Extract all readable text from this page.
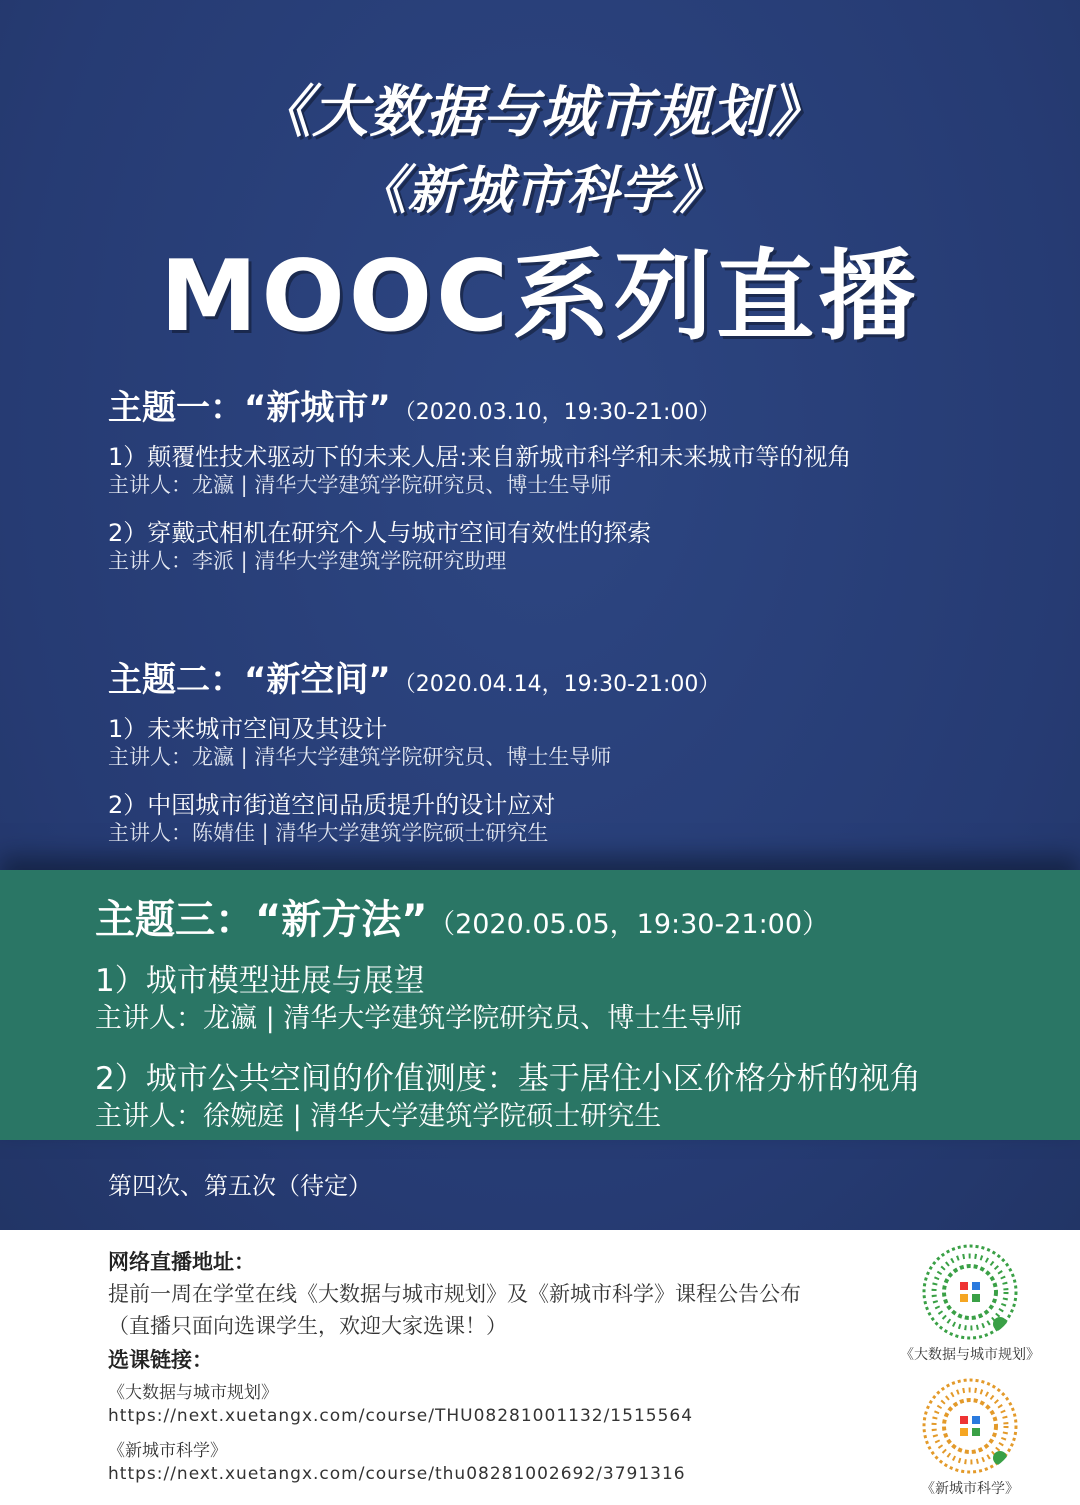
《大数据与城市规划》
《新城市科学》
MOOC系列直播
主题一：“新城市” （2020.03.10，19:30-21:00）
1）颠覆性技术驱动下的未来人居:来自新城市科学和未来城市等的视角
主讲人：龙瀛 | 清华大学建筑学院研究员、博士生导师
2）穿戴式相机在研究个人与城市空间有效性的探索
主讲人：李派 | 清华大学建筑学院研究助理
主题二：“新空间” （2020.04.14，19:30-21:00）
1）未来城市空间及其设计
主讲人：龙瀛 | 清华大学建筑学院研究员、博士生导师
2）中国城市街道空间品质提升的设计应对
主讲人：陈婧佳 | 清华大学建筑学院硕士研究生
主题三：“新方法” （2020.05.05，19:30-21:00）
1）城市模型进展与展望
主讲人：龙瀛 | 清华大学建筑学院研究员、博士生导师
2）城市公共空间的价值测度：基于居住小区价格分析的视角
主讲人：徐婉庭 | 清华大学建筑学院硕士研究生
第四次、第五次（待定）
网络直播地址：
提前一周在学堂在线《大数据与城市规划》及《新城市科学》课程公告公布
（直播只面向选课学生，欢迎大家选课！）
选课链接：
《大数据与城市规划》
https://next.xuetangx.com/course/THU08281001132/1515564
《新城市科学》
https://next.xuetangx.com/course/thu08281002692/3791316
《大数据与城市规划》
《新城市科学》
